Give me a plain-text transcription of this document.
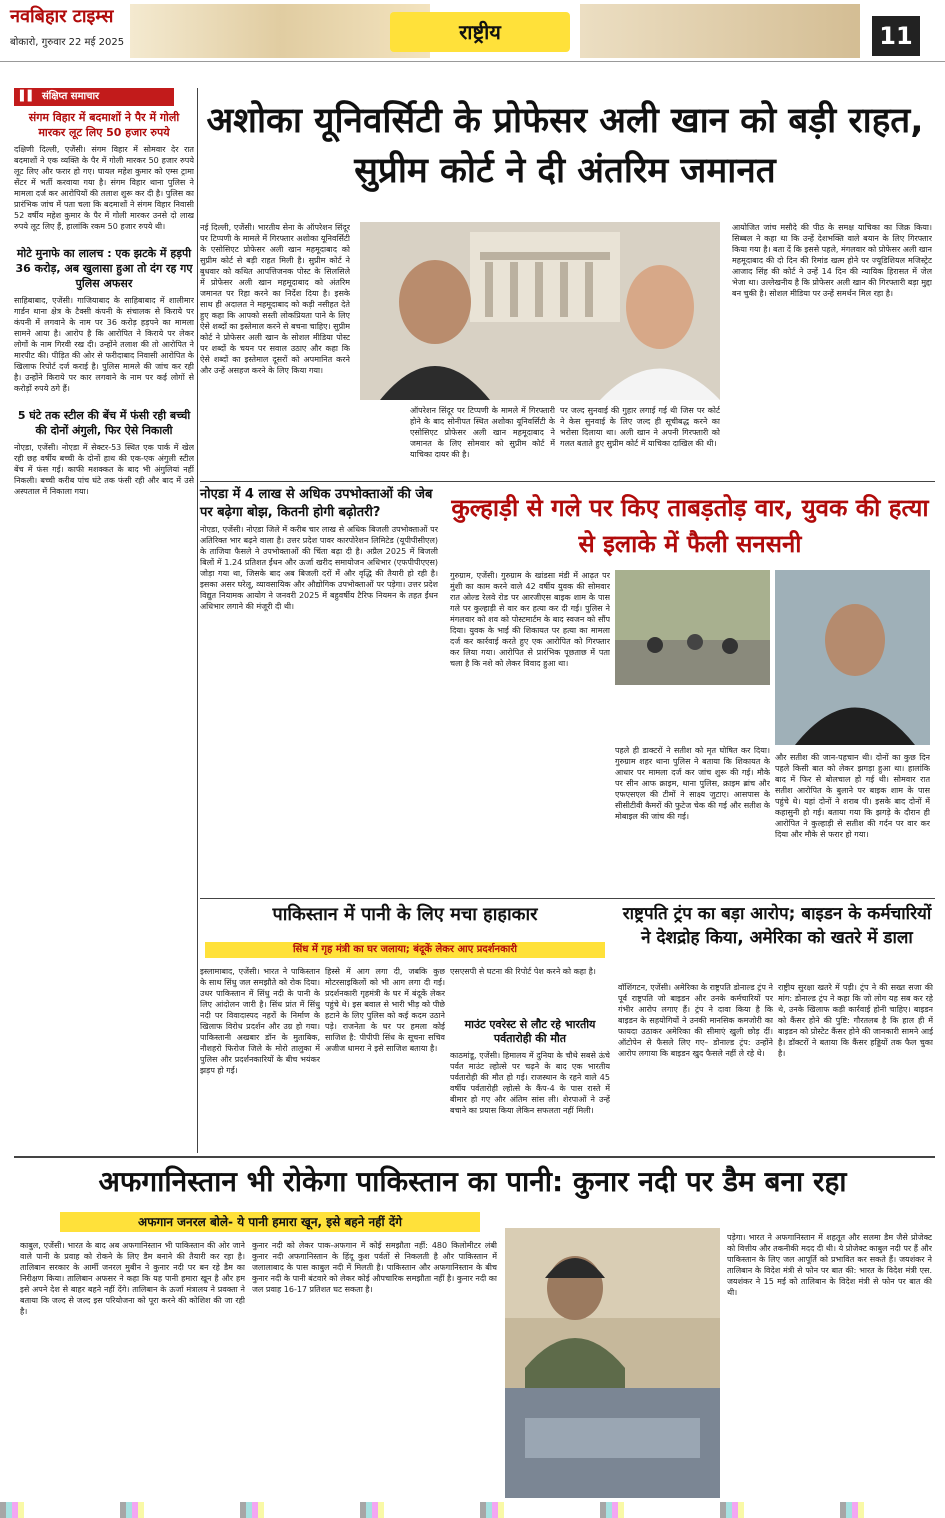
नवबिहार टाइम्स
बोकारो, गुरुवार 22 मई 2025	राष्ट्रीय	11
▌▌ संक्षिप्त समाचार
संगम विहार में बदमाशों ने पैर में गोली मारकर लूट लिए 50 हजार रुपये
दक्षिणी दिल्ली, एजेंसी। संगम विहार में सोमवार देर रात बदमाशों ने एक व्यक्ति के पैर में गोली मारकर 50 हजार रुपये लूट लिए और फरार हो गए। घायल महेश कुमार को एम्स ट्रामा सेंटर में भर्ती करवाया गया है। संगम विहार थाना पुलिस ने मामला दर्ज कर आरोपियों की तलाश शुरू कर दी है। पुलिस का प्रारंभिक जांच में पता चला कि बदमाशों ने संगम विहार निवासी 52 वर्षीय महेश कुमार के पैर में गोली मारकर उनसे दो लाख रुपये लूट लिए हैं, हालांकि रकम 50 हजार रुपये थी।
मोटे मुनाफे का लालच : एक झटके में हड़पी 36 करोड़, अब खुलासा हुआ तो दंग रह गए पुलिस अफसर
साहिबाबाद, एजेंसी। गाजियाबाद के साहिबाबाद में शालीमार गार्डन थाना क्षेत्र के टैक्सी कंपनी के संचालक से किराये पर कंपनी में लगवाने के नाम पर 36 करोड़ हड़पने का मामला सामने आया है। आरोप है कि आरोपित ने किराये पर लेकर लोगों के नाम गिरवी रख दी। उन्होंने तलाश की तो आरोपित ने मारपीट की। पीड़ित की ओर से फरीदाबाद निवासी आरोपित के खिलाफ रिपोर्ट दर्ज कराई है। पुलिस मामले की जांच कर रही है। उन्होंने किराये पर कार लगवाने के नाम पर कई लोगों से करोड़ों रुपये ठगे हैं।
5 घंटे तक स्टील की बेंच में फंसी रही बच्ची की दोनों अंगुली, फिर ऐसे निकाली
नोएडा, एजेंसी। नोएडा में सेक्टर-53 स्थित एक पार्क में खेल रही छह वर्षीय बच्ची के दोनों हाथ की एक-एक अंगुली स्टील बेंच में फंस गई। काफी मशक्कत के बाद भी अंगुलियां नहीं निकली। बच्ची करीब पांच घंटे तक फंसी रही और बाद में उसे अस्पताल में निकाला गया।
अशोका यूनिवर्सिटी के प्रोफेसर अली खान को बड़ी राहत, सुप्रीम कोर्ट ने दी अंतरिम जमानत
नई दिल्ली, एजेंसी। भारतीय सेना के ऑपरेशन सिंदूर पर टिप्पणी के मामले में गिरफ्तार अशोका यूनिवर्सिटी के एसोसिएट प्रोफेसर अली खान महमूदाबाद को सुप्रीम कोर्ट से बड़ी राहत मिली है। सुप्रीम कोर्ट ने बुधवार को कथित आपत्तिजनक पोस्ट के सिलसिले में प्रोफेसर अली खान महमूदाबाद को अंतरिम जमानत पर रिहा करने का निर्देश दिया है। इसके साथ ही अदालत ने महमूदाबाद को कड़ी नसीहत देते हुए कहा कि आपको सस्ती लोकप्रियता पाने के लिए ऐसे शब्दों का इस्तेमाल करने से बचना चाहिए। सुप्रीम कोर्ट ने प्रोफेसर अली खान के सोशल मीडिया पोस्ट पर शब्दों के चयन पर सवाल उठाए और कहा कि ऐसे शब्दों का इस्तेमाल दूसरों को अपमानित करने और उन्हें असहज करने के लिए किया गया।
ऑपरेशन सिंदूर पर टिप्पणी के मामले में गिरफ्तारी होने के बाद सोनीपत स्थित अशोका यूनिवर्सिटी के एसोसिएट प्रोफेसर अली खान महमूदाबाद ने जमानत के लिए सोमवार को सुप्रीम कोर्ट में याचिका दायर की है।
पर जल्द सुनवाई की गुहार लगाई गई थी जिस पर कोर्ट ने केस सुनवाई के लिए जल्द ही सूचीबद्ध करने का भरोसा दिलाया था। अली खान ने अपनी गिरफ्तारी को गलत बताते हुए सुप्रीम कोर्ट में याचिका दाखिल की थी।
आयोजित जांच मसौदे की पीठ के समक्ष याचिका का जिक्र किया। सिब्बल ने कहा था कि उन्हें देशभक्ति वाले बयान के लिए गिरफ्तार किया गया है। बता दें कि इससे पहले, मंगलवार को प्रोफेसर अली खान महमूदाबाद की दो दिन की रिमांड खत्म होने पर ज्यूडिशियल मजिस्ट्रेट आजाद सिंह की कोर्ट ने उन्हें 14 दिन की न्यायिक हिरासत में जेल भेजा था। उल्लेखनीय है कि प्रोफेसर अली खान की गिरफ्तारी बड़ा मुद्दा बन चुकी है। सोशल मीडिया पर उन्हें समर्थन मिल रहा है।
नोएडा में 4 लाख से अधिक उपभोक्ताओं की जेब पर बढ़ेगा बोझ, कितनी होगी बढ़ोतरी?
नोएडा, एजेंसी। नोएडा जिले में करीब चार लाख से अधिक बिजली उपभोक्ताओं पर अतिरिक्त भार बढ़ने वाला है। उत्तर प्रदेश पावर कारपोरेशन लिमिटेड (यूपीपीसीएल) के ताजिया फैसले ने उपभोक्ताओं की चिंता बढ़ा दी है। अप्रैल 2025 में बिजली बिलों में 1.24 प्रतिशत ईंधन और ऊर्जा खरीद समायोजन अधिभार (एफपीपीएएस) जोड़ा गया था, जिसके बाद अब बिजली दरों में और वृद्धि की तैयारी हो रही है। इसका असर घरेलू, व्यावसायिक और औद्योगिक उपभोक्ताओं पर पड़ेगा। उत्तर प्रदेश विद्युत नियामक आयोग ने जनवरी 2025 में बहुवर्षीय टैरिफ नियमन के तहत ईंधन अधिभार लगाने की मंजूरी दी थी।
कुल्हाड़ी से गले पर किए ताबड़तोड़ वार, युवक की हत्या से इलाके में फैली सनसनी
गुरुग्राम, एजेंसी। गुरुग्राम के खांडसा मंडी में आढ़त पर मुंशी का काम करने वाले 42 वर्षीय युवक की सोमवार रात ओल्ड रेलवे रोड पर आरजीएस बाइक शाम के पास गले पर कुल्हाड़ी से वार कर हत्या कर दी गई। पुलिस ने मंगलवार को शव को पोस्टमार्टम के बाद स्वजन को सौंप दिया। युवक के भाई की शिकायत पर हत्या का मामला दर्ज कर कार्रवाई करते हुए एक आरोपित को गिरफ्तार कर लिया गया। आरोपित से प्रारंभिक पूछताछ में पता चला है कि नशे को लेकर विवाद हुआ था।
पहले ही डाक्टरों ने सतीश को मृत घोषित कर दिया। गुरुग्राम शहर थाना पुलिस ने बताया कि शिकायत के आधार पर मामला दर्ज कर जांच शुरू की गई। मौके पर सीन आफ क्राइम, थाना पुलिस, क्राइम ब्रांच और एफएसएल की टीमों ने साक्ष्य जुटाए। आसपास के सीसीटीवी कैमरों की फुटेज चेक की गई और सतीश के मोबाइल की जांच की गई।
और सतीश की जान-पहचान थी। दोनों का कुछ दिन पहले किसी बात को लेकर झगड़ा हुआ था। हालांकि बाद में फिर से बोलचाल हो गई थी। सोमवार रात सतीश आरोपित के बुलाने पर बाइक शाम के पास पहुंचे थे। यहां दोनों ने शराब पी। इसके बाद दोनों में कहासुनी हो गई। बताया गया कि झगड़े के दौरान ही आरोपित ने कुल्हाड़ी से सतीश की गर्दन पर वार कर दिया और मौके से फरार हो गया।
पाकिस्तान में पानी के लिए मचा हाहाकार
सिंध में गृह मंत्री का घर जलाया; बंदूकें लेकर आए प्रदर्शनकारी
इस्लामाबाद, एजेंसी। भारत ने पाकिस्तान के साथ सिंधु जल समझौते को रोक दिया। उधर पाकिस्तान में सिंधु नदी के पानी के लिए आंदोलन जारी है। सिंध प्रांत में सिंधु नदी पर विवादास्पद नहरों के निर्माण के खिलाफ विरोध प्रदर्शन और उग्र हो गया। पाकिस्तानी अखबार डॉन के मुताबिक, नौशहरो फिरोज जिले के मोरो तालुका में पुलिस और प्रदर्शनकारियों के बीच भयंकर झड़प हो गई।
हिस्से में आग लगा दी, जबकि कुछ मोटरसाइकिलों को भी आग लगा दी गई। प्रदर्शनकारी गृहमंत्री के घर में बंदूकें लेकर पहुंचे थे। इस बवाल से भारी भीड़ को पीछे हटाने के लिए पुलिस को कई कदम उठाने पड़े। राजनेता के घर पर हमला कोई साजिश है: पीपीपी सिंध के सूचना सचिव अजीज धामरा ने इसे साजिश बताया है।
एसएसपी से घटना की रिपोर्ट पेश करने को कहा है।
माउंट एवरेस्ट से लौट रहे भारतीय पर्वतारोही की मौत
काठमांडू, एजेंसी। हिमालय में दुनिया के चौथे सबसे ऊंचे पर्वत माउंट ल्होत्से पर चढ़ने के बाद एक भारतीय पर्वतारोही की मौत हो गई। राजस्थान के रहने वाले 45 वर्षीय पर्वतारोही ल्होत्से के कैंप-4 के पास रास्ते में बीमार हो गए और अंतिम सांस ली। शेरपाओं ने उन्हें बचाने का प्रयास किया लेकिन सफलता नहीं मिली।
राष्ट्रपति ट्रंप का बड़ा आरोप; बाइडन के कर्मचारियों ने देशद्रोह किया, अमेरिका को खतरे में डाला
वॉशिंगटन, एजेंसी। अमेरिका के राष्ट्रपति डोनाल्ड ट्रंप ने पूर्व राष्ट्रपति जो बाइडन और उनके कर्मचारियों पर गंभीर आरोप लगाए हैं। ट्रंप ने दावा किया है कि बाइडन के सहयोगियों ने उनकी मानसिक कमजोरी का फायदा उठाकर अमेरिका की सीमाएं खुली छोड़ दीं। ऑटोपेन से फैसले लिए गए– डोनाल्ड ट्रंप: उन्होंने आरोप लगाया कि बाइडन खुद फैसले नहीं ले रहे थे।
राष्ट्रीय सुरक्षा खतरे में पड़ी। ट्रंप ने की सख्त सजा की मांग: डोनाल्ड ट्रंप ने कहा कि जो लोग यह सब कर रहे थे, उनके खिलाफ कड़ी कार्रवाई होनी चाहिए। बाइडन को कैंसर होने की पुष्टि: गौरतलब है कि हाल ही में बाइडन को प्रोस्टेट कैंसर होने की जानकारी सामने आई है। डॉक्टरों ने बताया कि कैंसर हड्डियों तक फैल चुका है।
अफगानिस्तान भी रोकेगा पाकिस्तान का पानी: कुनार नदी पर डैम बना रहा
अफगान जनरल बोले- ये पानी हमारा खून, इसे बहने नहीं देंगे
काबुल, एजेंसी। भारत के बाद अब अफगानिस्तान भी पाकिस्तान की ओर जाने वाले पानी के प्रवाह को रोकने के लिए डैम बनाने की तैयारी कर रहा है। तालिबान सरकार के आर्मी जनरल मुबीन ने कुनार नदी पर बन रहे डैम का निरीक्षण किया। तालिबान अफसर ने कहा कि यह पानी हमारा खून है और हम इसे अपने देश से बाहर बहने नहीं देंगे। तालिबान के ऊर्जा मंत्रालय ने प्रवक्ता ने बताया कि जल्द से जल्द इस परियोजना को पूरा करने की कोशिश की जा रही है।
कुनार नदी को लेकर पाक-अफगान में कोई समझौता नहीं: 480 किलोमीटर लंबी कुनार नदी अफगानिस्तान के हिंदू कुश पर्वतों से निकलती है और पाकिस्तान में जलालाबाद के पास काबुल नदी में मिलती है। पाकिस्तान और अफगानिस्तान के बीच कुनार नदी के पानी बंटवारे को लेकर कोई औपचारिक समझौता नहीं है। कुनार नदी का जल प्रवाह 16-17 प्रतिशत घट सकता है।
पड़ेगा। भारत ने अफगानिस्तान में शहतूत और सलमा डैम जैसे प्रोजेक्ट को वित्तीय और तकनीकी मदद दी थी। ये प्रोजेक्ट काबुल नदी पर हैं और पाकिस्तान के लिए जल आपूर्ति को प्रभावित कर सकते हैं। जयशंकर ने तालिबान के विदेश मंत्री से फोन पर बात की: भारत के विदेश मंत्री एस. जयशंकर ने 15 मई को तालिबान के विदेश मंत्री से फोन पर बात की थी।
